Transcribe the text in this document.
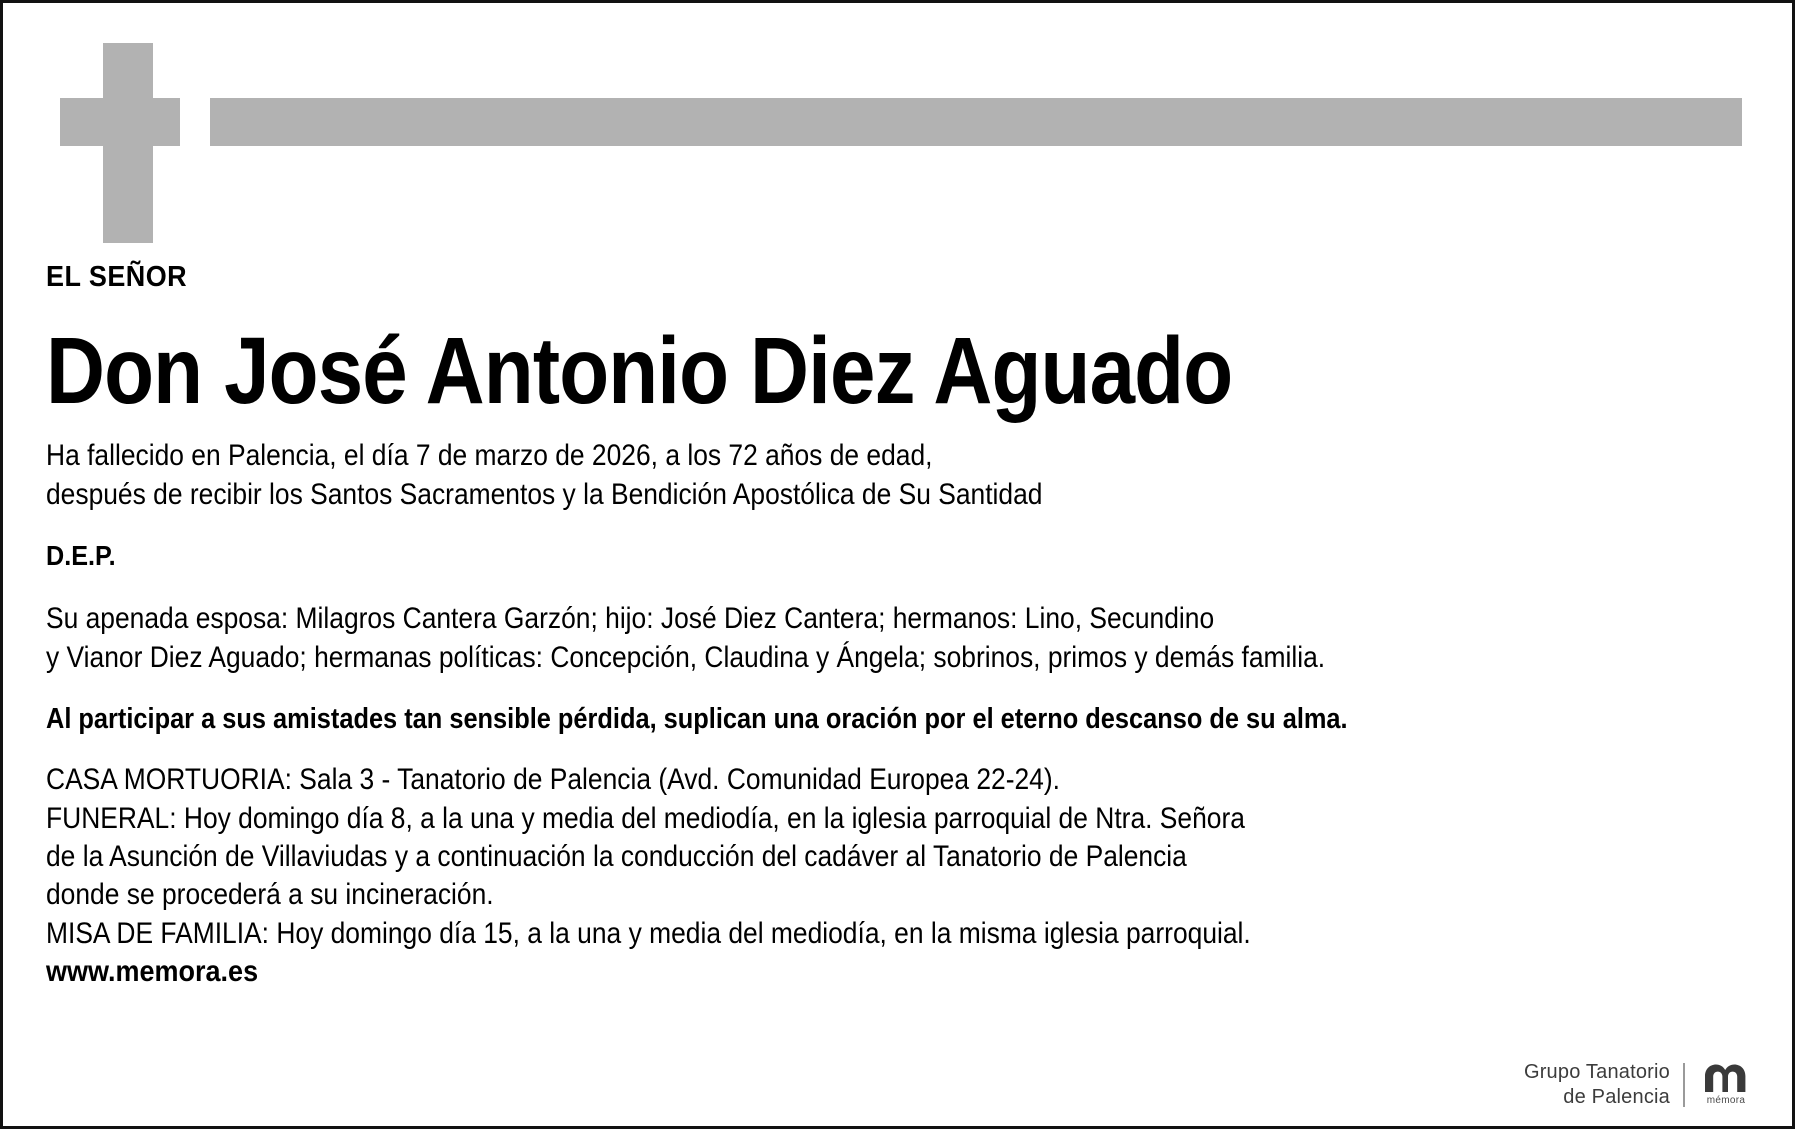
EL SEÑOR
Don José Antonio Diez Aguado
Ha fallecido en Palencia, el día 7 de marzo de 2026, a los 72 años de edad,
después de recibir los Santos Sacramentos y la Bendición Apostólica de Su Santidad
D.E.P.
Su apenada esposa: Milagros Cantera Garzón; hijo: José Diez Cantera; hermanos: Lino, Secundino
y Vianor Diez Aguado; hermanas políticas: Concepción, Claudina y Ángela; sobrinos, primos y demás familia.
Al participar a sus amistades tan sensible pérdida, suplican una oración por el eterno descanso de su alma.
CASA MORTUORIA: Sala 3 - Tanatorio de Palencia (Avd. Comunidad Europea 22-24).
FUNERAL: Hoy domingo día 8, a la una y media del mediodía, en la iglesia parroquial de Ntra. Señora
de la Asunción de Villaviudas y a continuación la conducción del cadáver al Tanatorio de Palencia
donde se procederá a su incineración.
MISA DE FAMILIA: Hoy domingo día 15, a la una y media del mediodía, en la misma iglesia parroquial.
www.memora.es
Grupo Tanatorio
de Palencia	mémora
